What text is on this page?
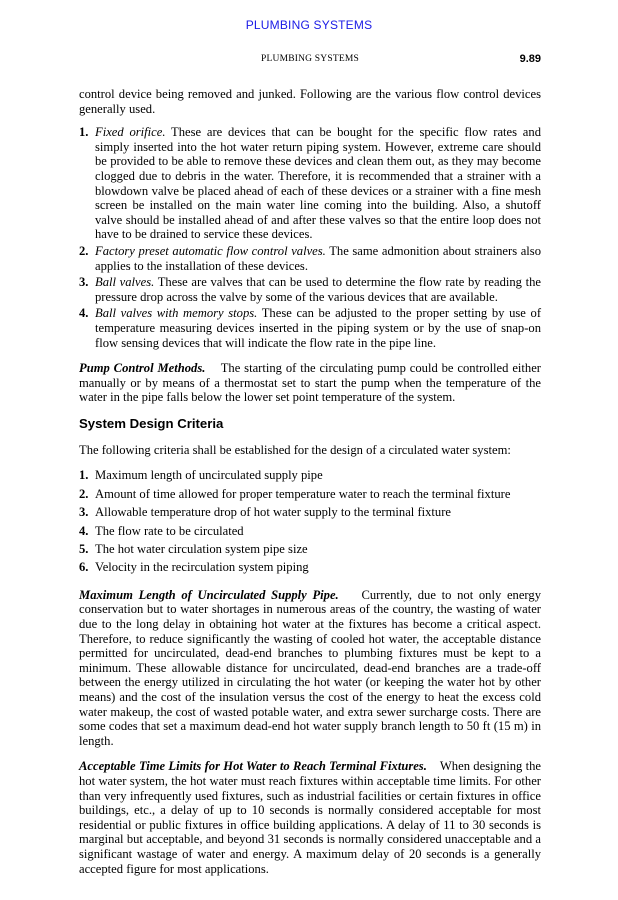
PLUMBING SYSTEMS
PLUMBING SYSTEMS	9.89

control device being removed and junked. Following are the various flow control devices generally used.

1. Fixed orifice. These are devices that can be bought for the specific flow rates and simply inserted into the hot water return piping system. However, extreme care should be provided to be able to remove these devices and clean them out, as they may become clogged due to debris in the water. Therefore, it is recommended that a strainer with a blowdown valve be placed ahead of each of these devices or a strainer with a fine mesh screen be installed on the main water line coming into the building. Also, a shutoff valve should be installed ahead of and after these valves so that the entire loop does not have to be drained to service these devices.
2. Factory preset automatic flow control valves. The same admonition about strainers also applies to the installation of these devices.
3. Ball valves. These are valves that can be used to determine the flow rate by reading the pressure drop across the valve by some of the various devices that are available.
4. Ball valves with memory stops. These can be adjusted to the proper setting by use of temperature measuring devices inserted in the piping system or by the use of snap-on flow sensing devices that will indicate the flow rate in the pipe line.

Pump Control Methods. The starting of the circulating pump could be controlled either manually or by means of a thermostat set to start the pump when the temperature of the water in the pipe falls below the lower set point temperature of the system.

System Design Criteria

The following criteria shall be established for the design of a circulated water system:

1. Maximum length of uncirculated supply pipe
2. Amount of time allowed for proper temperature water to reach the terminal fixture
3. Allowable temperature drop of hot water supply to the terminal fixture
4. The flow rate to be circulated
5. The hot water circulation system pipe size
6. Velocity in the recirculation system piping

Maximum Length of Uncirculated Supply Pipe. Currently, due to not only energy conservation but to water shortages in numerous areas of the country, the wasting of water due to the long delay in obtaining hot water at the fixtures has become a critical aspect. Therefore, to reduce significantly the wasting of cooled hot water, the acceptable distance permitted for uncirculated, dead-end branches to plumbing fixtures must be kept to a minimum. These allowable distance for uncirculated, dead-end branches are a trade-off between the energy utilized in circulating the hot water (or keeping the water hot by other means) and the cost of the insulation versus the cost of the energy to heat the excess cold water makeup, the cost of wasted potable water, and extra sewer surcharge costs. There are some codes that set a maximum dead-end hot water supply branch length to 50 ft (15 m) in length.

Acceptable Time Limits for Hot Water to Reach Terminal Fixtures. When designing the hot water system, the hot water must reach fixtures within acceptable time limits. For other than very infrequently used fixtures, such as industrial facilities or certain fixtures in office buildings, etc., a delay of up to 10 seconds is normally considered acceptable for most residential or public fixtures in office building applications. A delay of 11 to 30 seconds is marginal but acceptable, and beyond 31 seconds is normally considered unacceptable and a significant wastage of water and energy. A maximum delay of 20 seconds is a generally accepted figure for most applications.
